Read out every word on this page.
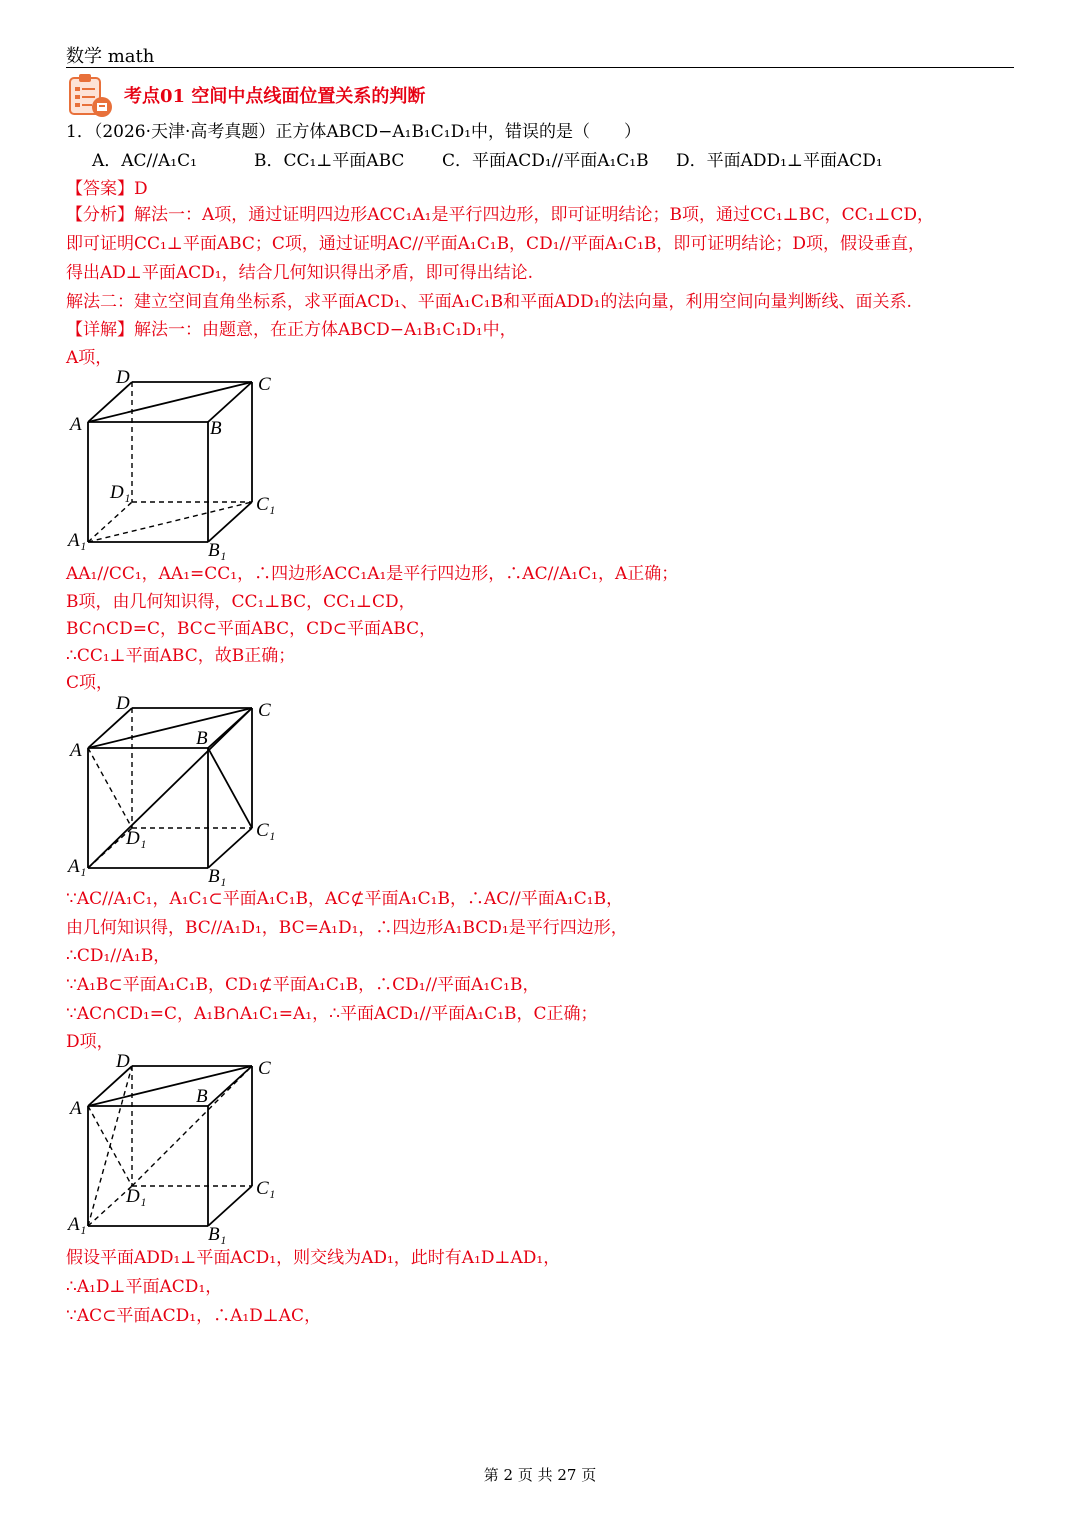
数学 math
考点01 空间中点线面位置关系的判断
1．（2026·天津·高考真题）正方体ABCD−A₁B₁C₁D₁中，错误的是（　　）
A．AC//A₁C₁	B．CC₁⊥平面ABC C．平面ACD₁//平面A₁C₁B D．平面ADD₁⊥平面ACD₁
【答案】D
【分析】解法一：A项，通过证明四边形ACC₁A₁是平行四边形，即可证明结论；B项，通过CC₁⊥BC，CC₁⊥CD，
即可证明CC₁⊥平面ABC；C项，通过证明AC//平面A₁C₁B，CD₁//平面A₁C₁B，即可证明结论；D项，假设垂直，
得出AD⊥平面ACD₁，结合几何知识得出矛盾，即可得出结论.
解法二：建立空间直角坐标系，求平面ACD₁、平面A₁C₁B和平面ADD₁的法向量，利用空间向量判断线、面关系.
【详解】解法一：由题意，在正方体ABCD−A₁B₁C₁D₁中，
A项，
D	C
A	B
D₁
C₁
A₁	B₁
AA₁//CC₁，AA₁=CC₁，∴四边形ACC₁A₁是平行四边形，∴AC//A₁C₁，A正确；
B项，由几何知识得，CC₁⊥BC，CC₁⊥CD，
BC∩CD=C，BC⊂平面ABC，CD⊂平面ABC，
∴CC₁⊥平面ABC，故B正确；
C项，
D	C
A
B
D₁	C₁
A₁	B₁
∵AC//A₁C₁，A₁C₁⊂平面A₁C₁B，AC⊄平面A₁C₁B，∴AC//平面A₁C₁B，
由几何知识得，BC//A₁D₁，BC=A₁D₁，∴四边形A₁BCD₁是平行四边形，
∴CD₁//A₁B，
∵A₁B⊂平面A₁C₁B，CD₁⊄平面A₁C₁B，∴CD₁//平面A₁C₁B，
∵AC∩CD₁=C，A₁B∩A₁C₁=A₁，∴平面ACD₁//平面A₁C₁B，C正确；
D项，
D	C
A
B
D₁	C₁
A₁	B₁
假设平面ADD₁⊥平面ACD₁，则交线为AD₁，此时有A₁D⊥AD₁，
∴A₁D⊥平面ACD₁，
∵AC⊂平面ACD₁，∴A₁D⊥AC，
第 2 页 共 27 页
